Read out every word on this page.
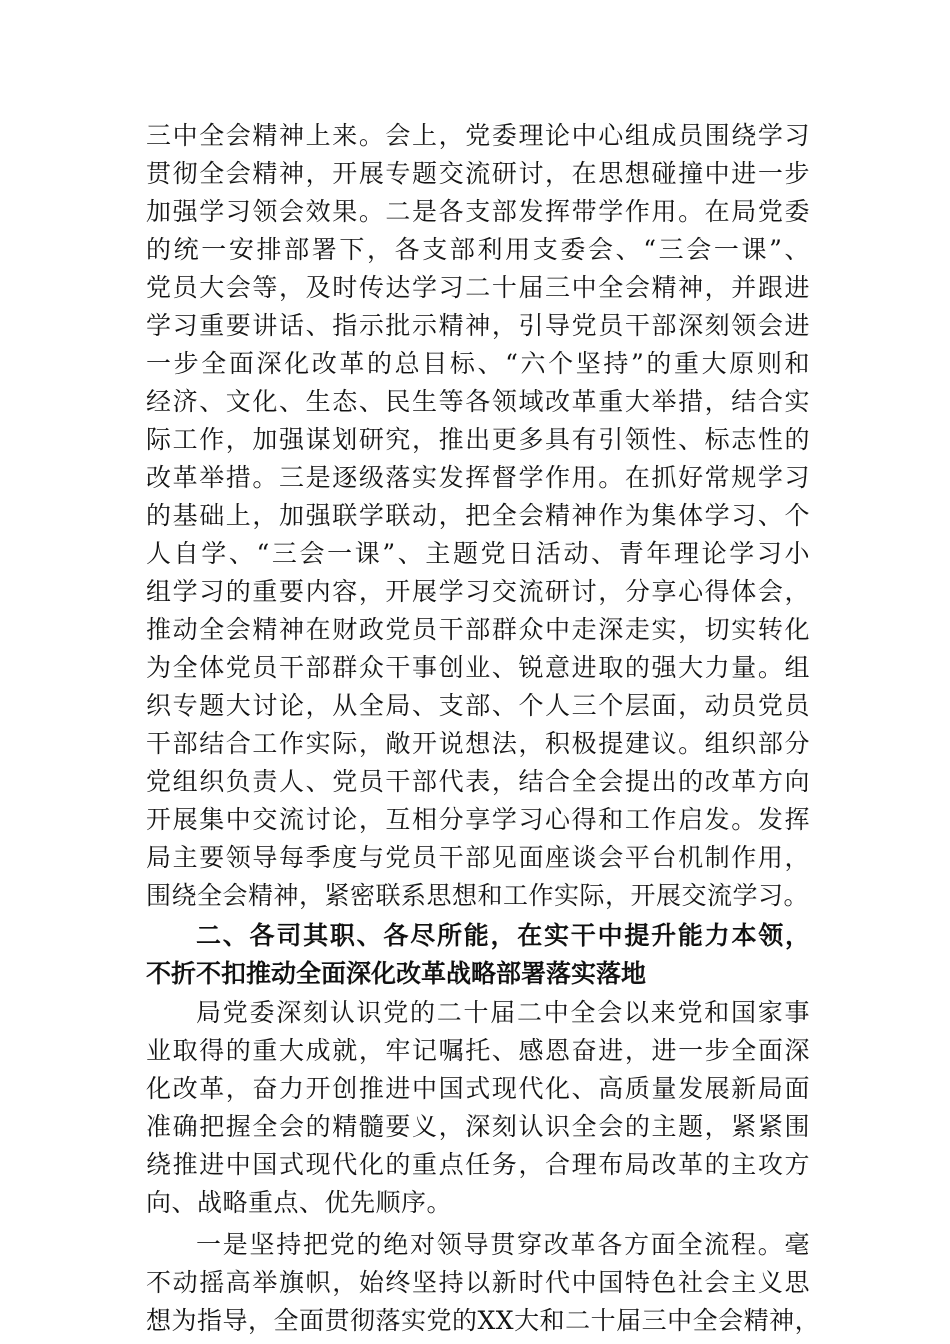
三中全会精神上来。会上，党委理论中心组成员围绕学习
贯彻全会精神，开展专题交流研讨，在思想碰撞中进一步
加强学习领会效果。二是各支部发挥带学作用。在局党委
的统一安排部署下，各支部利用支委会、“三会一课”、
党员大会等，及时传达学习二十届三中全会精神，并跟进
学习重要讲话、指示批示精神，引导党员干部深刻领会进
一步全面深化改革的总目标、“六个坚持”的重大原则和
经济、文化、生态、民生等各领域改革重大举措，结合实
际工作，加强谋划研究，推出更多具有引领性、标志性的
改革举措。三是逐级落实发挥督学作用。在抓好常规学习
的基础上，加强联学联动，把全会精神作为集体学习、个
人自学、“三会一课”、主题党日活动、青年理论学习小
组学习的重要内容，开展学习交流研讨，分享心得体会，
推动全会精神在财政党员干部群众中走深走实，切实转化
为全体党员干部群众干事创业、锐意进取的强大力量。组
织专题大讨论，从全局、支部、个人三个层面，动员党员
干部结合工作实际，敞开说想法，积极提建议。组织部分
党组织负责人、党员干部代表，结合全会提出的改革方向
开展集中交流讨论，互相分享学习心得和工作启发。发挥
局主要领导每季度与党员干部见面座谈会平台机制作用，
围绕全会精神，紧密联系思想和工作实际，开展交流学习。
二、各司其职、各尽所能，在实干中提升能力本领，
不折不扣推动全面深化改革战略部署落实落地
局党委深刻认识党的二十届二中全会以来党和国家事
业取得的重大成就，牢记嘱托、感恩奋进，进一步全面深
化改革，奋力开创推进中国式现代化、高质量发展新局面
准确把握全会的精髓要义，深刻认识全会的主题，紧紧围
绕推进中国式现代化的重点任务，合理布局改革的主攻方
向、战略重点、优先顺序。
一是坚持把党的绝对领导贯穿改革各方面全流程。毫
不动摇高举旗帜，始终坚持以新时代中国特色社会主义思
想为指导，全面贯彻落实党的XX大和二十届三中全会精神，
